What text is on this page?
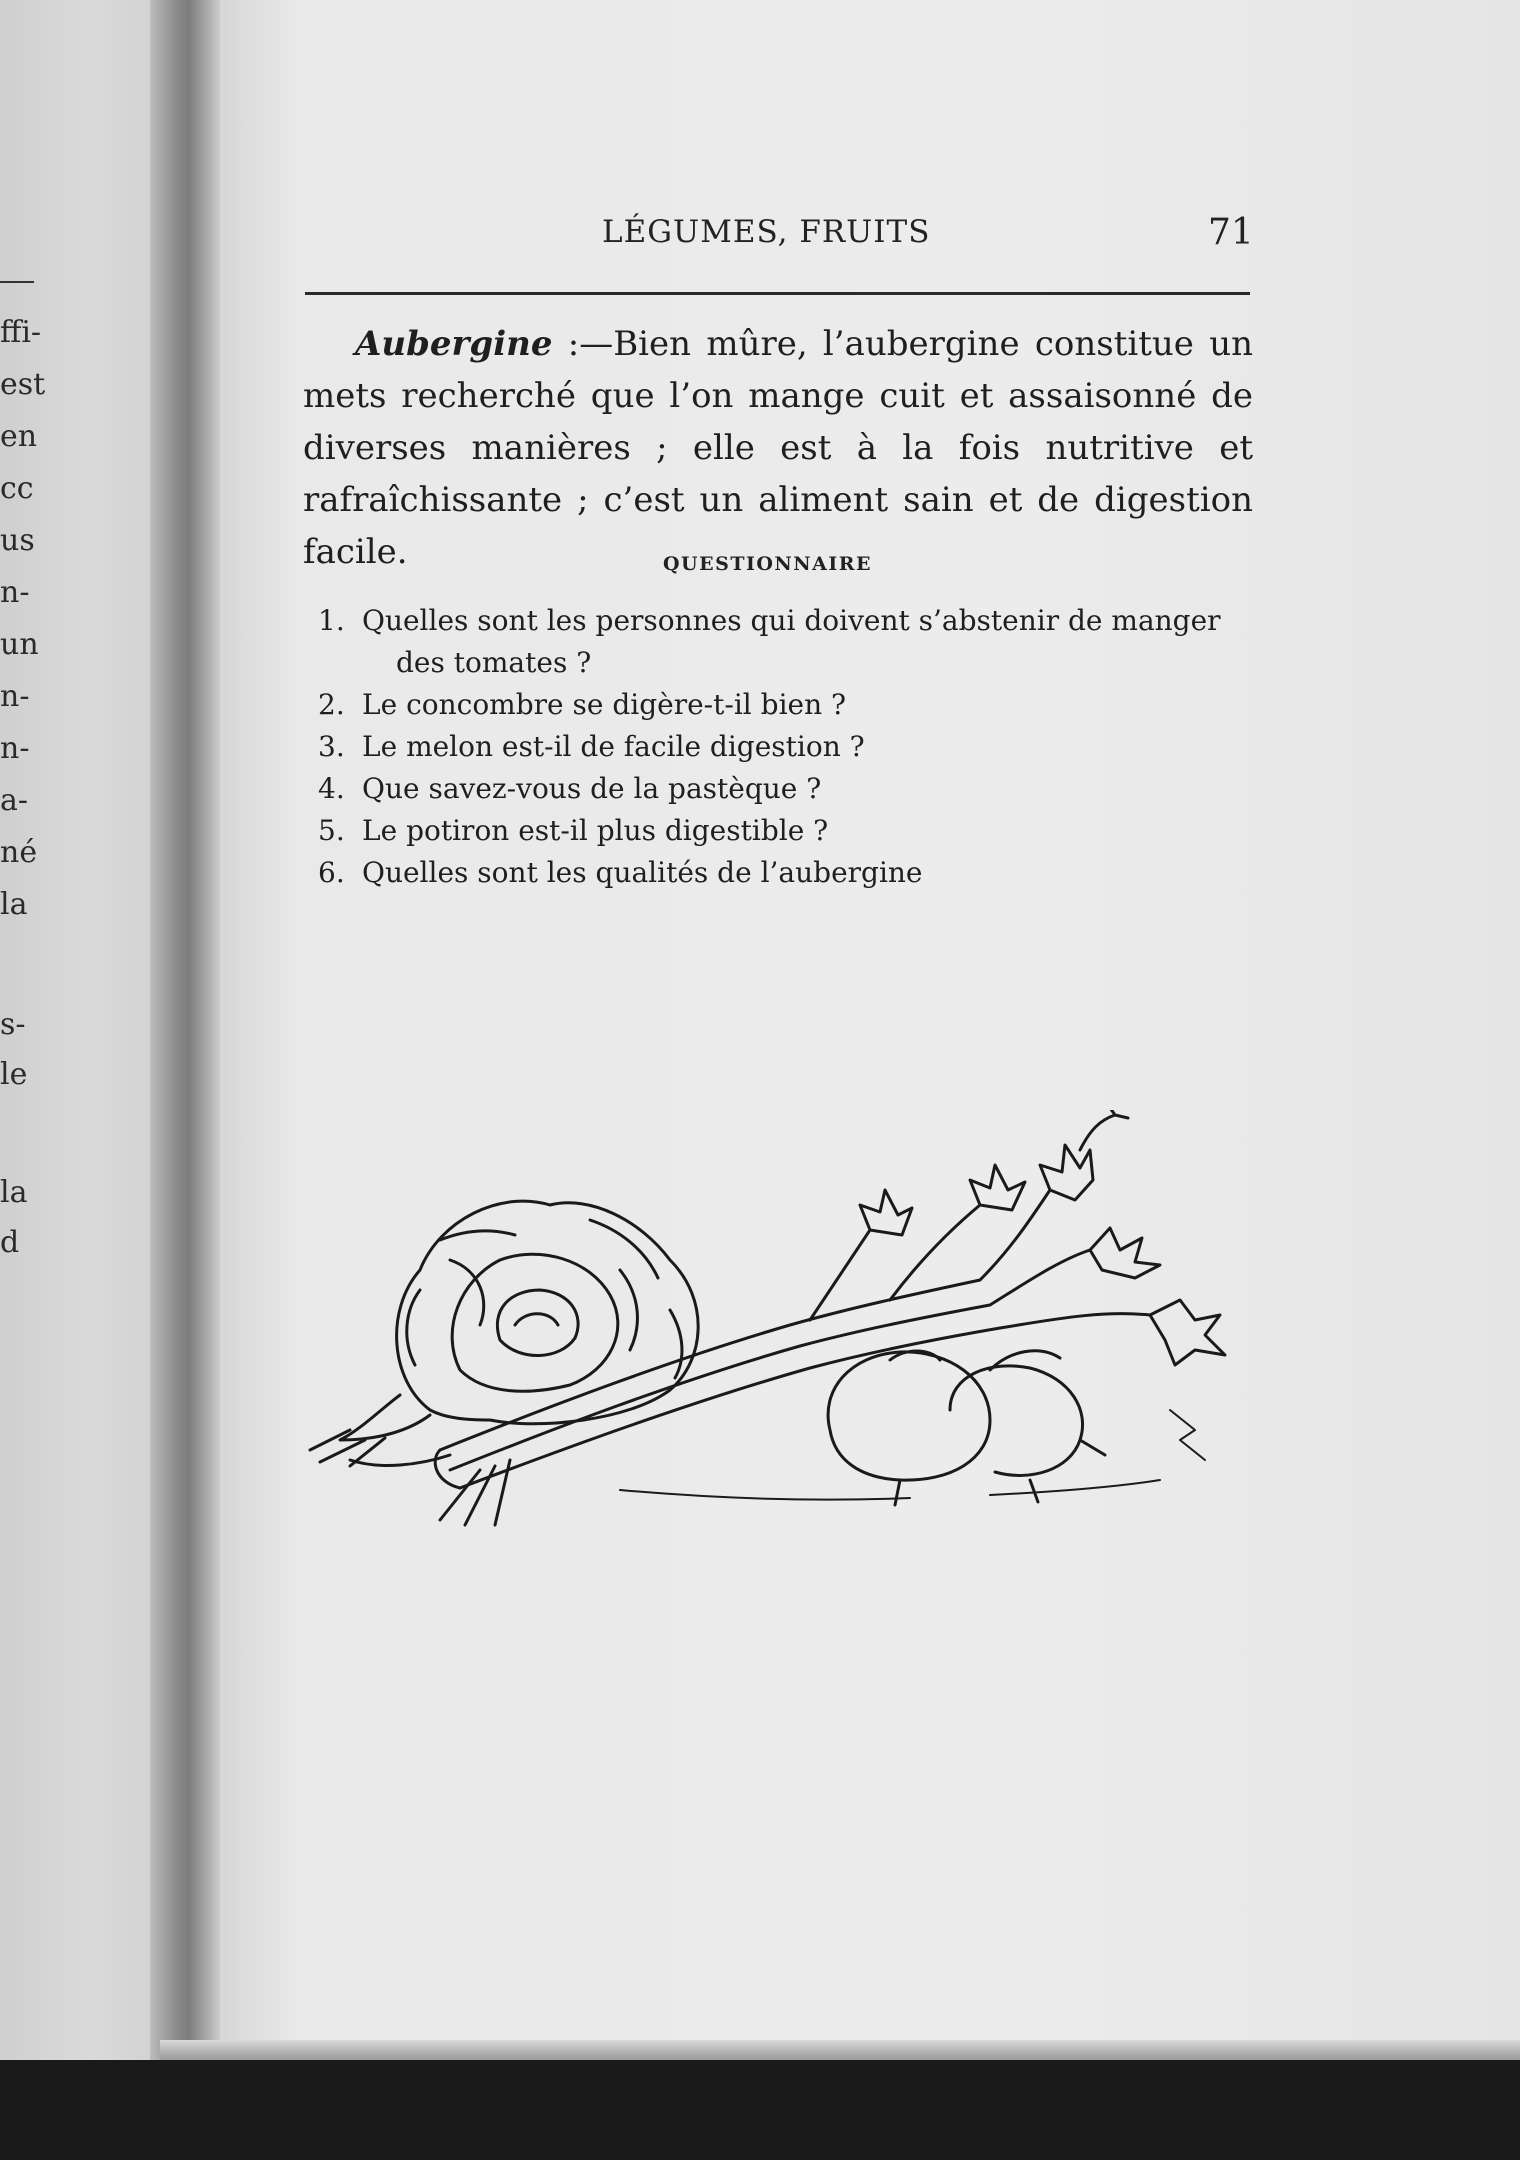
ffi-
est
en
cc
us
n-
un
n-
n-
a-
né
la
s-
le
la
d
LÉGUMES, FRUITS	71
Aubergine :—Bien mûre, l’aubergine constitue un mets recherché que l’on mange cuit et assaisonné de diverses manières ; elle est à la fois nutritive et rafraîchissante ; c’est un aliment sain et de digestion facile.	QUESTIONNAIRE
1. Quelles sont les personnes qui doivent s’abstenir de manger
des tomates ?
2. Le concombre se digère-t-il bien ?
3. Le melon est-il de facile digestion ?
4. Que savez-vous de la pastèque ?
5. Le potiron est-il plus digestible ?
6. Quelles sont les qualités de l’aubergine
